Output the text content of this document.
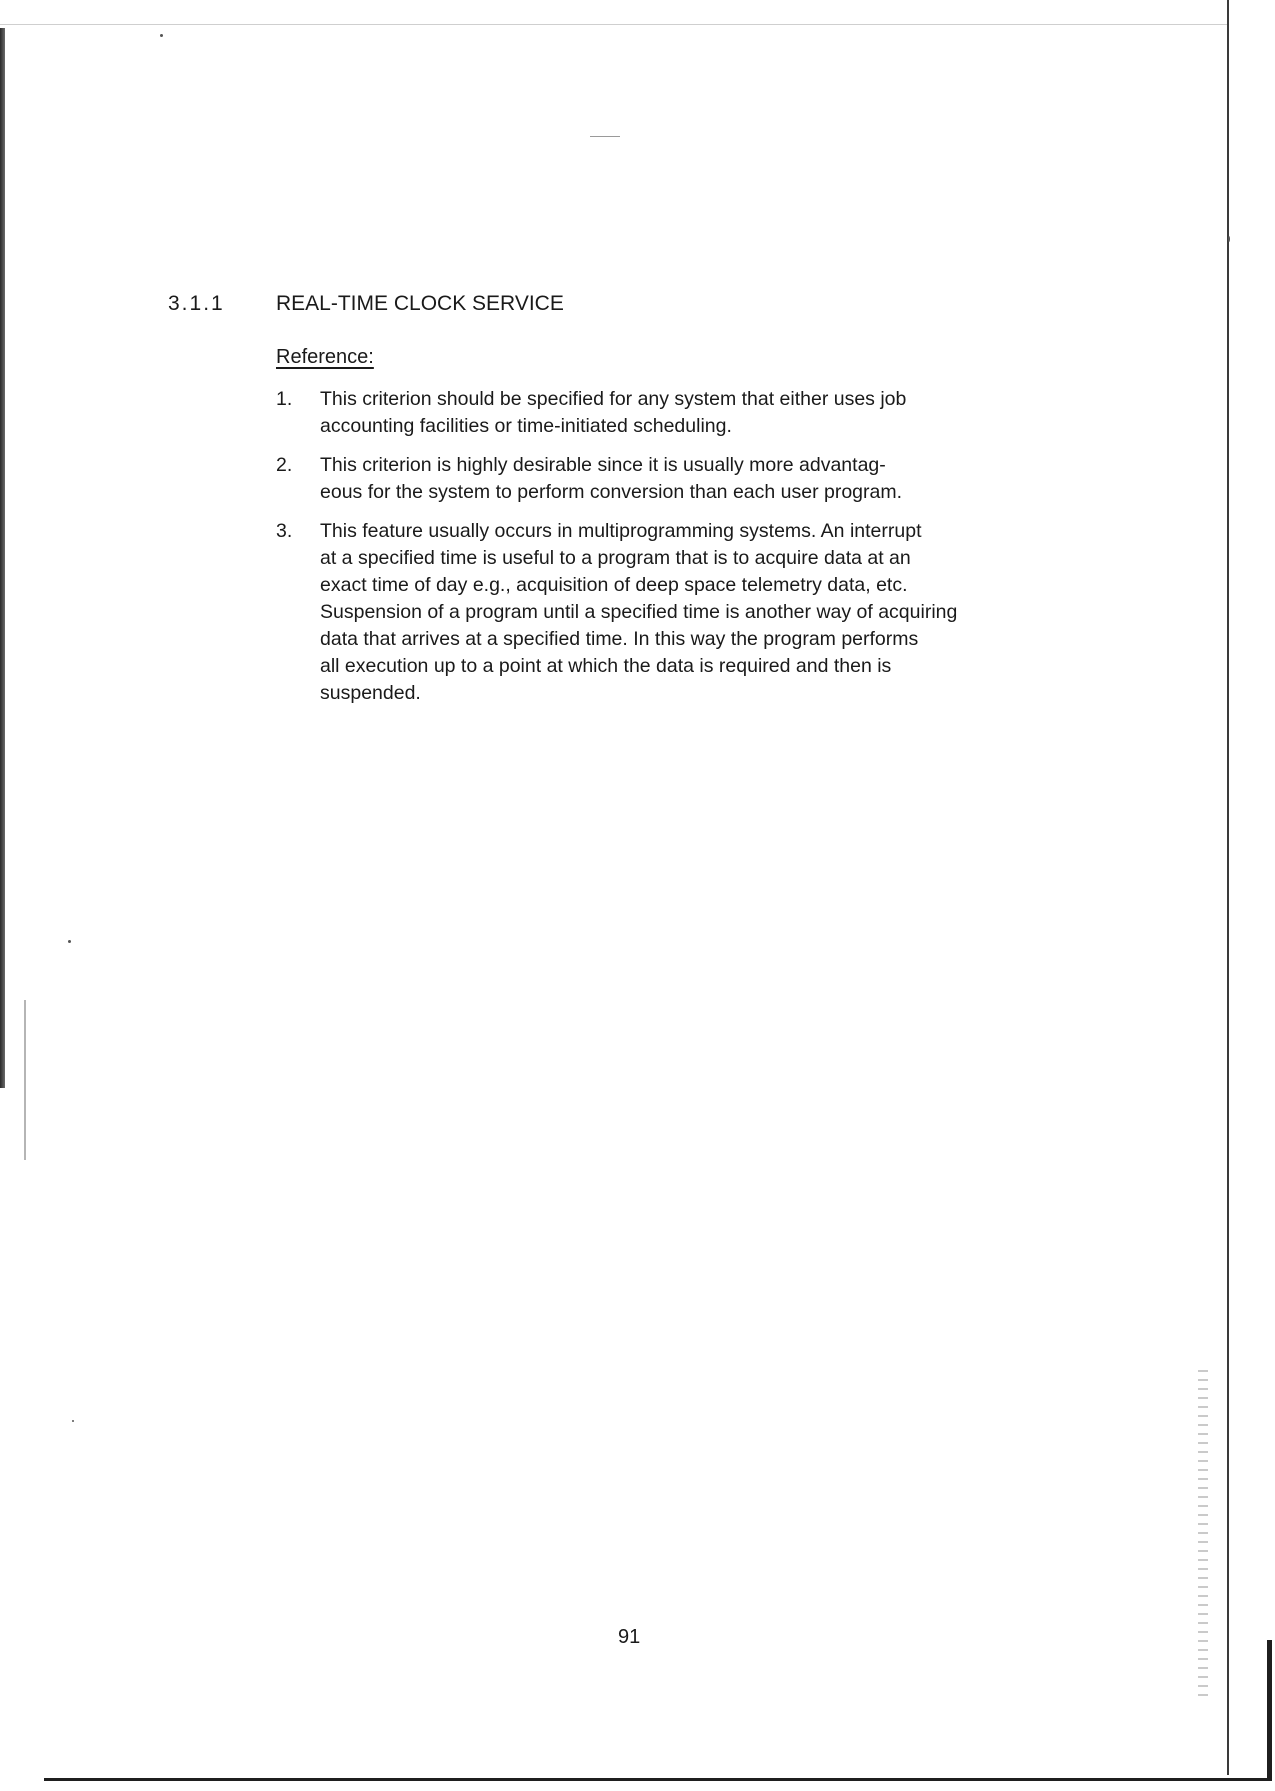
3.1.1 REAL-TIME CLOCK SERVICE
Reference:
1.	This criterion should be specified for any system that either uses job
accounting facilities or time-initiated scheduling.
2.	This criterion is highly desirable since it is usually more advantag-
eous for the system to perform conversion than each user program.
3.	This feature usually occurs in multiprogramming systems. An interrupt
at a specified time is useful to a program that is to acquire data at an
exact time of day e.g., acquisition of deep space telemetry data, etc.
Suspension of a program until a specified time is another way of acquiring
data that arrives at a specified time. In this way the program performs
all execution up to a point at which the data is required and then is
suspended.
91
